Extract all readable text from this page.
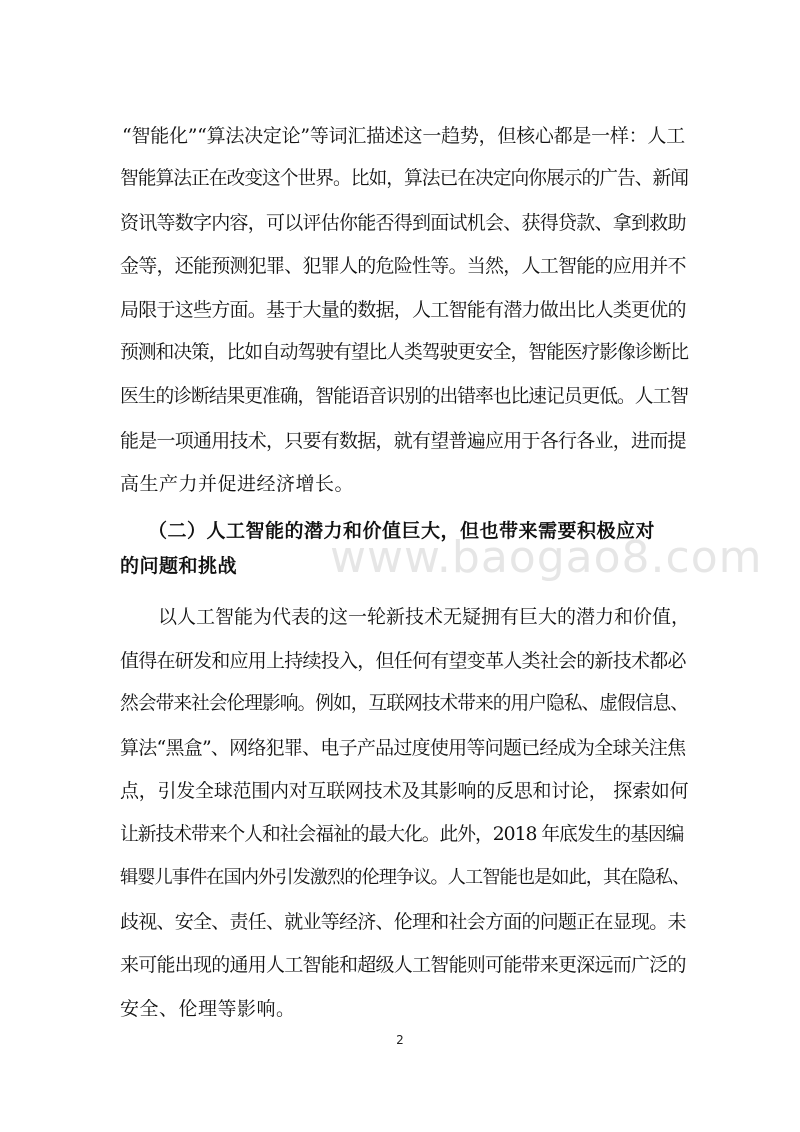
www.baogao8.com
“智能化”“算法决定论”等词汇描述这一趋势，但核心都是一样：人工
智能算法正在改变这个世界。比如，算法已在决定向你展示的广告、新闻
资讯等数字内容，可以评估你能否得到面试机会、获得贷款、拿到救助
金等，还能预测犯罪、犯罪人的危险性等。当然，人工智能的应用并不
局限于这些方面。基于大量的数据，人工智能有潜力做出比人类更优的
预测和决策，比如自动驾驶有望比人类驾驶更安全，智能医疗影像诊断比
医生的诊断结果更准确，智能语音识别的出错率也比速记员更低。人工智
能是一项通用技术，只要有数据，就有望普遍应用于各行各业，进而提
高生产力并促进经济增长。
（二）人工智能的潜力和价值巨大，但也带来需要积极应对
的问题和挑战
以人工智能为代表的这一轮新技术无疑拥有巨大的潜力和价值，
值得在研发和应用上持续投入，但任何有望变革人类社会的新技术都必
然会带来社会伦理影响。例如，互联网技术带来的用户隐私、虚假信息、
算法“黑盒”、网络犯罪、电子产品过度使用等问题已经成为全球关注焦
点，引发全球范围内对互联网技术及其影响的反思和讨论， 探索如何
让新技术带来个人和社会福祉的最大化。此外，2018 年底发生的基因编
辑婴儿事件在国内外引发激烈的伦理争议。人工智能也是如此，其在隐私、
歧视、安全、责任、就业等经济、伦理和社会方面的问题正在显现。未
来可能出现的通用人工智能和超级人工智能则可能带来更深远而广泛的
安全、伦理等影响。
2
